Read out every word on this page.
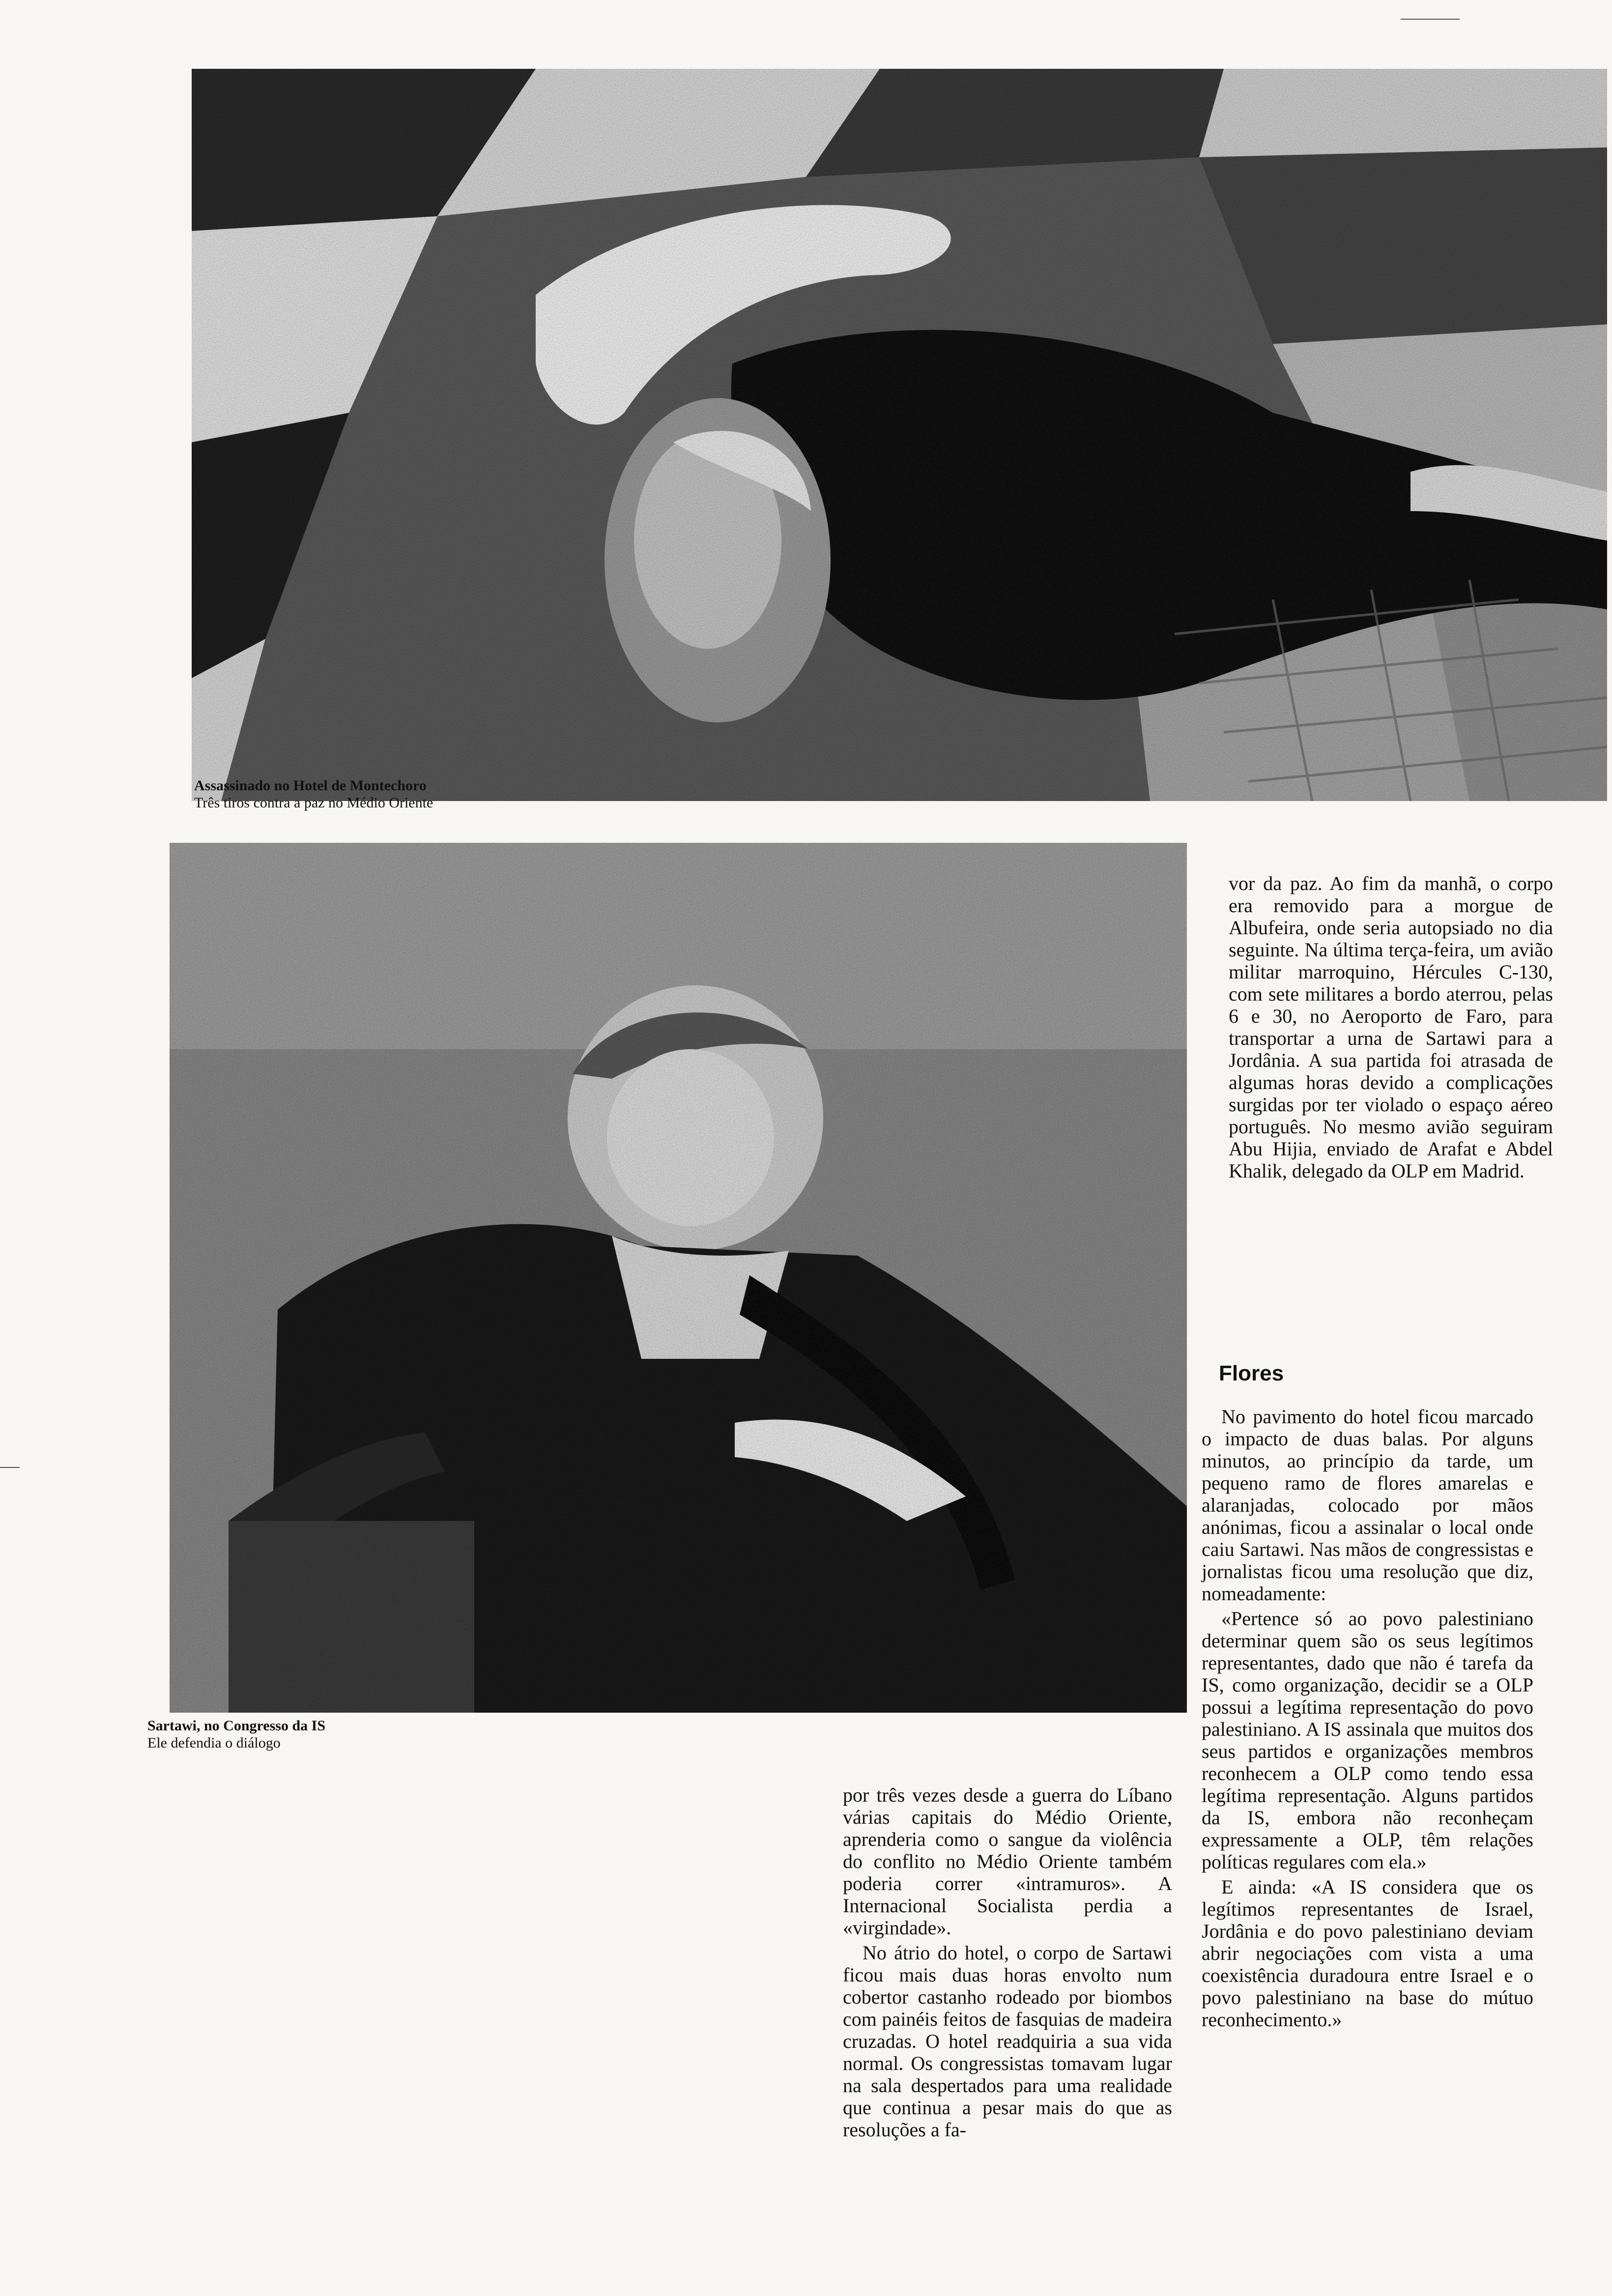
Assassinado no Hotel de Montechoro
Três tiros contra a paz no Médio Oriente
Sartawi, no Congresso da IS
Ele defendia o diálogo

vor da paz. Ao fim da manhã, o corpo era removido para a morgue de Albufeira, onde seria autopsiado no dia seguinte. Na última terça-feira, um avião militar marroquino, Hércules C-130, com sete militares a bordo aterrou, pelas 6 e 30, no Aeroporto de Faro, para transportar a urna de Sartawi para a Jordânia. A sua partida foi atrasada de algumas horas devido a complicações surgidas por ter violado o espaço aéreo português. No mesmo avião seguiram Abu Hijia, enviado de Arafat e Abdel Khalik, delegado da OLP em Madrid.

Flores

No pavimento do hotel ficou marcado o impacto de duas balas. Por alguns minutos, ao princípio da tarde, um pequeno ramo de flores amarelas e alaranjadas, colocado por mãos anónimas, ficou a assinalar o local onde caiu Sartawi. Nas mãos de congressistas e jornalistas ficou uma resolução que diz, nomeadamente:

«Pertence só ao povo palestiniano determinar quem são os seus legítimos representantes, dado que não é tarefa da IS, como organização, decidir se a OLP possui a legítima representação do povo palestiniano. A IS assinala que muitos dos seus partidos e organizações membros reconhecem a OLP como tendo essa legítima representação. Alguns partidos da IS, embora não reconheçam expressamente a OLP, têm relações políticas regulares com ela.»

E ainda: «A IS considera que os legítimos representantes de Israel, Jordânia e do povo palestiniano deviam abrir negociações com vista a uma coexistência duradoura entre Israel e o povo palestiniano na base do mútuo reconhecimento.»

por três vezes desde a guerra do Líbano várias capitais do Médio Oriente, aprenderia como o sangue da violência do conflito no Médio Oriente também poderia correr «intramuros». A Internacional Socialista perdia a «virgindade».

No átrio do hotel, o corpo de Sartawi ficou mais duas horas envolto num cobertor castanho rodeado por biombos com painéis feitos de fasquias de madeira cruzadas. O hotel readquiria a sua vida normal. Os congressistas tomavam lugar na sala despertados para uma realidade que continua a pesar mais do que as resoluções a fa-
